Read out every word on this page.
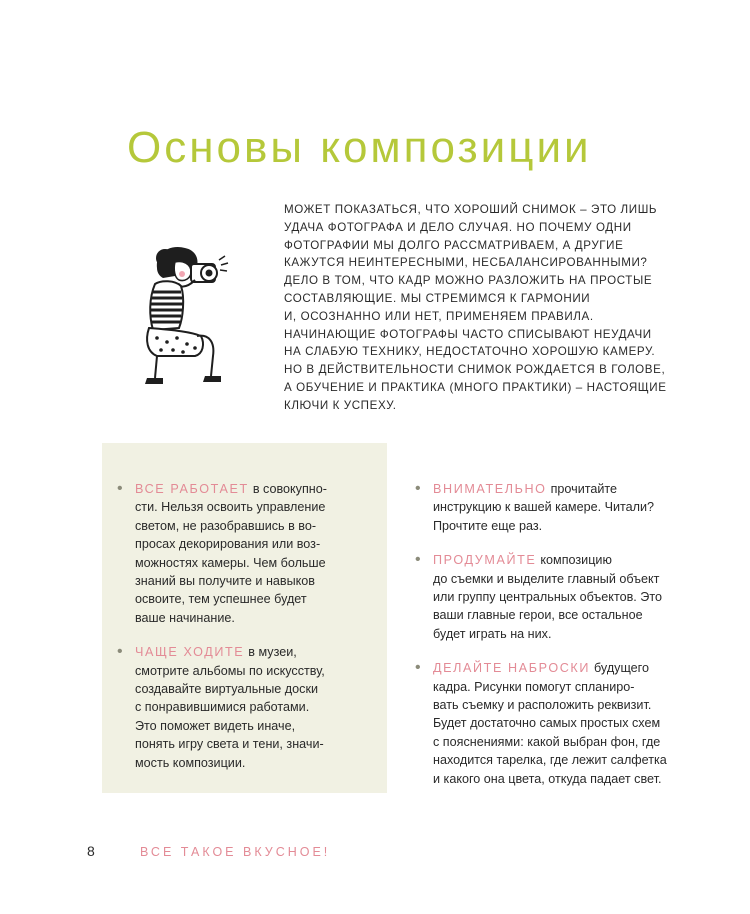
Основы композиции

МОЖЕТ ПОКАЗАТЬСЯ, ЧТО ХОРОШИЙ СНИМОК – ЭТО ЛИШЬ

УДАЧА ФОТОГРАФА И ДЕЛО СЛУЧАЯ. НО ПОЧЕМУ ОДНИ

ФОТОГРАФИИ МЫ ДОЛГО РАССМАТРИВАЕМ, А ДРУГИЕ

КАЖУТСЯ НЕИНТЕРЕСНЫМИ, НЕСБАЛАНСИРОВАННЫМИ?

ДЕЛО В ТОМ, ЧТО КАДР МОЖНО РАЗЛОЖИТЬ НА ПРОСТЫЕ

СОСТАВЛЯЮЩИЕ. МЫ СТРЕМИМСЯ К ГАРМОНИИ

И, ОСОЗНАННО ИЛИ НЕТ, ПРИМЕНЯЕМ ПРАВИЛА.

НАЧИНАЮЩИЕ ФОТОГРАФЫ ЧАСТО СПИСЫВАЮТ НЕУДАЧИ

НА СЛАБУЮ ТЕХНИКУ, НЕДОСТАТОЧНО ХОРОШУЮ КАМЕРУ.

НО В ДЕЙСТВИТЕЛЬНОСТИ СНИМОК РОЖДАЕТСЯ В ГОЛОВЕ,

А ОБУЧЕНИЕ И ПРАКТИКА (МНОГО ПРАКТИКИ) – НАСТОЯЩИЕ

КЛЮЧИ К УСПЕХУ.

• ВСЕ РАБОТАЕТ в совокупно-

сти. Нельзя освоить управление

светом, не разобравшись в во-

просах декорирования или воз-

можностях камеры. Чем больше

знаний вы получите и навыков

освоите, тем успешнее будет

ваше начинание.

• ЧАЩЕ ХОДИТЕ в музеи,

смотрите альбомы по искусству,

создавайте виртуальные доски

с понравившимися работами.

Это поможет видеть иначе,

понять игру света и тени, значи-

мость композиции.

• ВНИМАТЕЛЬНО прочитайте

инструкцию к вашей камере. Читали?

Прочтите еще раз.

• ПРОДУМАЙТЕ композицию

до съемки и выделите главный объект

или группу центральных объектов. Это

ваши главные герои, все остальное

будет играть на них.

• ДЕЛАЙТЕ НАБРОСКИ будущего

кадра. Рисунки помогут спланиро-

вать съемку и расположить реквизит.

Будет достаточно самых простых схем

с пояснениями: какой выбран фон, где

находится тарелка, где лежит салфетка

и какого она цвета, откуда падает свет.

8	ВСЕ ТАКОЕ ВКУСНОЕ!
